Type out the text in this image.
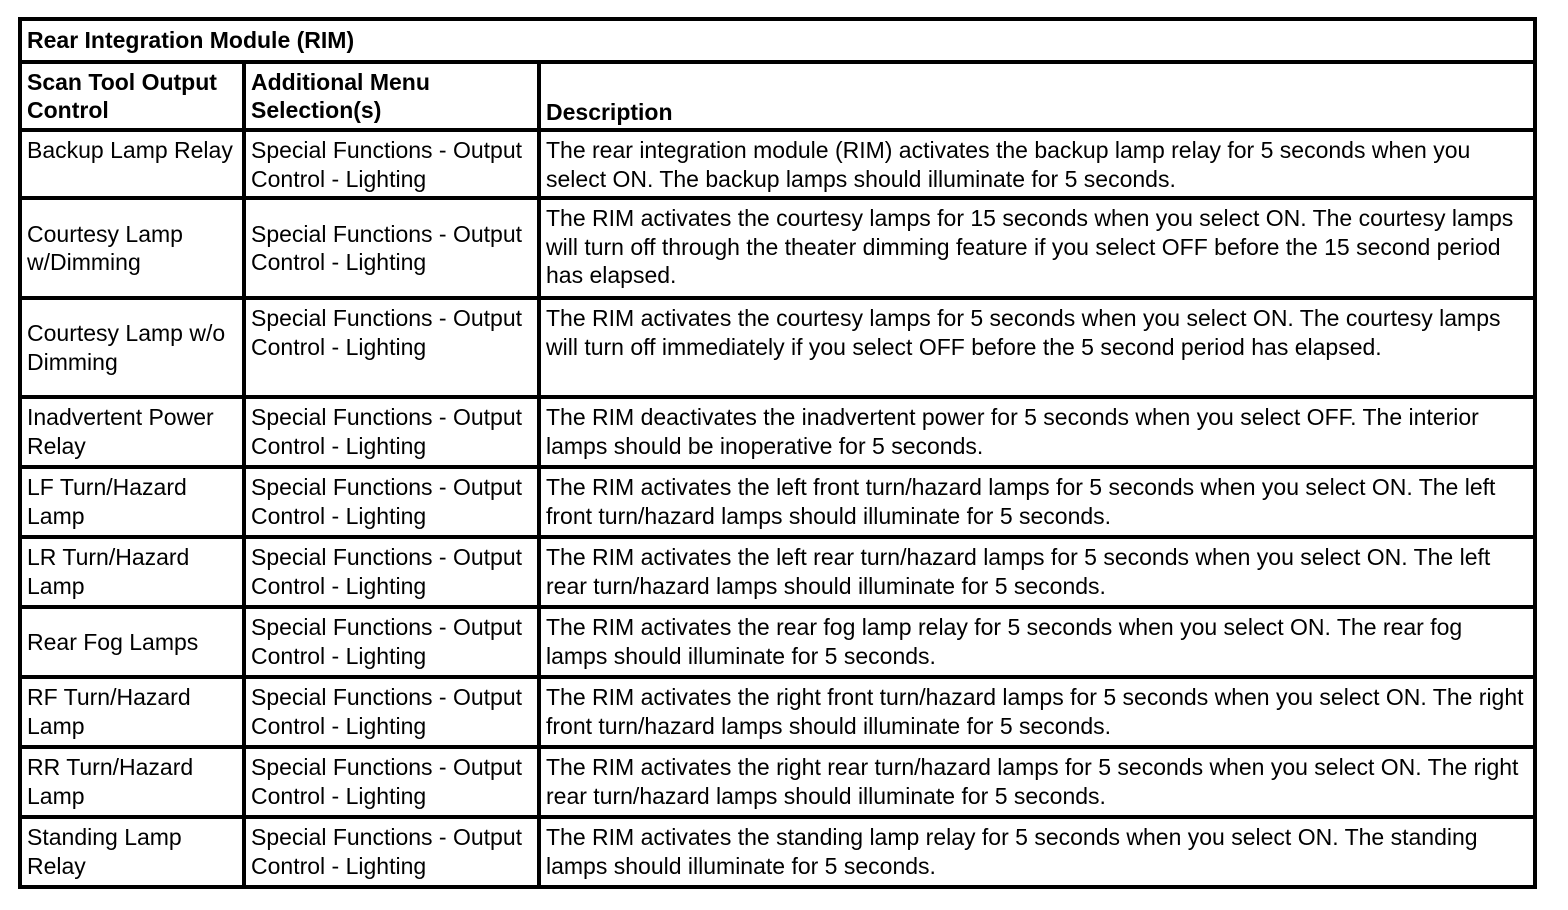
Rear Integration Module (RIM)		
Scan Tool Output Control	Additional Menu Selection(s)	Description
Backup Lamp Relay	Special Functions - Output Control - Lighting	The rear integration module (RIM) activates the backup lamp relay for 5 seconds when you select ON. The backup lamps should illuminate for 5 seconds.
Courtesy Lamp w/Dimming	Special Functions - Output Control - Lighting	The RIM activates the courtesy lamps for 15 seconds when you select ON. The courtesy lamps will turn off through the theater dimming feature if you select OFF before the 15 second period has elapsed.
Courtesy Lamp w/o Dimming	Special Functions - Output Control - Lighting	The RIM activates the courtesy lamps for 5 seconds when you select ON. The courtesy lamps will turn off immediately if you select OFF before the 5 second period has elapsed.
Inadvertent Power Relay	Special Functions - Output Control - Lighting	The RIM deactivates the inadvertent power for 5 seconds when you select OFF. The interior lamps should be inoperative for 5 seconds.
LF Turn/Hazard Lamp	Special Functions - Output Control - Lighting	The RIM activates the left front turn/hazard lamps for 5 seconds when you select ON. The left front turn/hazard lamps should illuminate for 5 seconds.
LR Turn/Hazard Lamp	Special Functions - Output Control - Lighting	The RIM activates the left rear turn/hazard lamps for 5 seconds when you select ON. The left rear turn/hazard lamps should illuminate for 5 seconds.
Rear Fog Lamps	Special Functions - Output Control - Lighting	The RIM activates the rear fog lamp relay for 5 seconds when you select ON. The rear fog lamps should illuminate for 5 seconds.
RF Turn/Hazard Lamp	Special Functions - Output Control - Lighting	The RIM activates the right front turn/hazard lamps for 5 seconds when you select ON. The right front turn/hazard lamps should illuminate for 5 seconds.
RR Turn/Hazard Lamp	Special Functions - Output Control - Lighting	The RIM activates the right rear turn/hazard lamps for 5 seconds when you select ON. The right rear turn/hazard lamps should illuminate for 5 seconds.
Standing Lamp Relay	Special Functions - Output Control - Lighting	The RIM activates the standing lamp relay for 5 seconds when you select ON. The standing lamps should illuminate for 5 seconds.
